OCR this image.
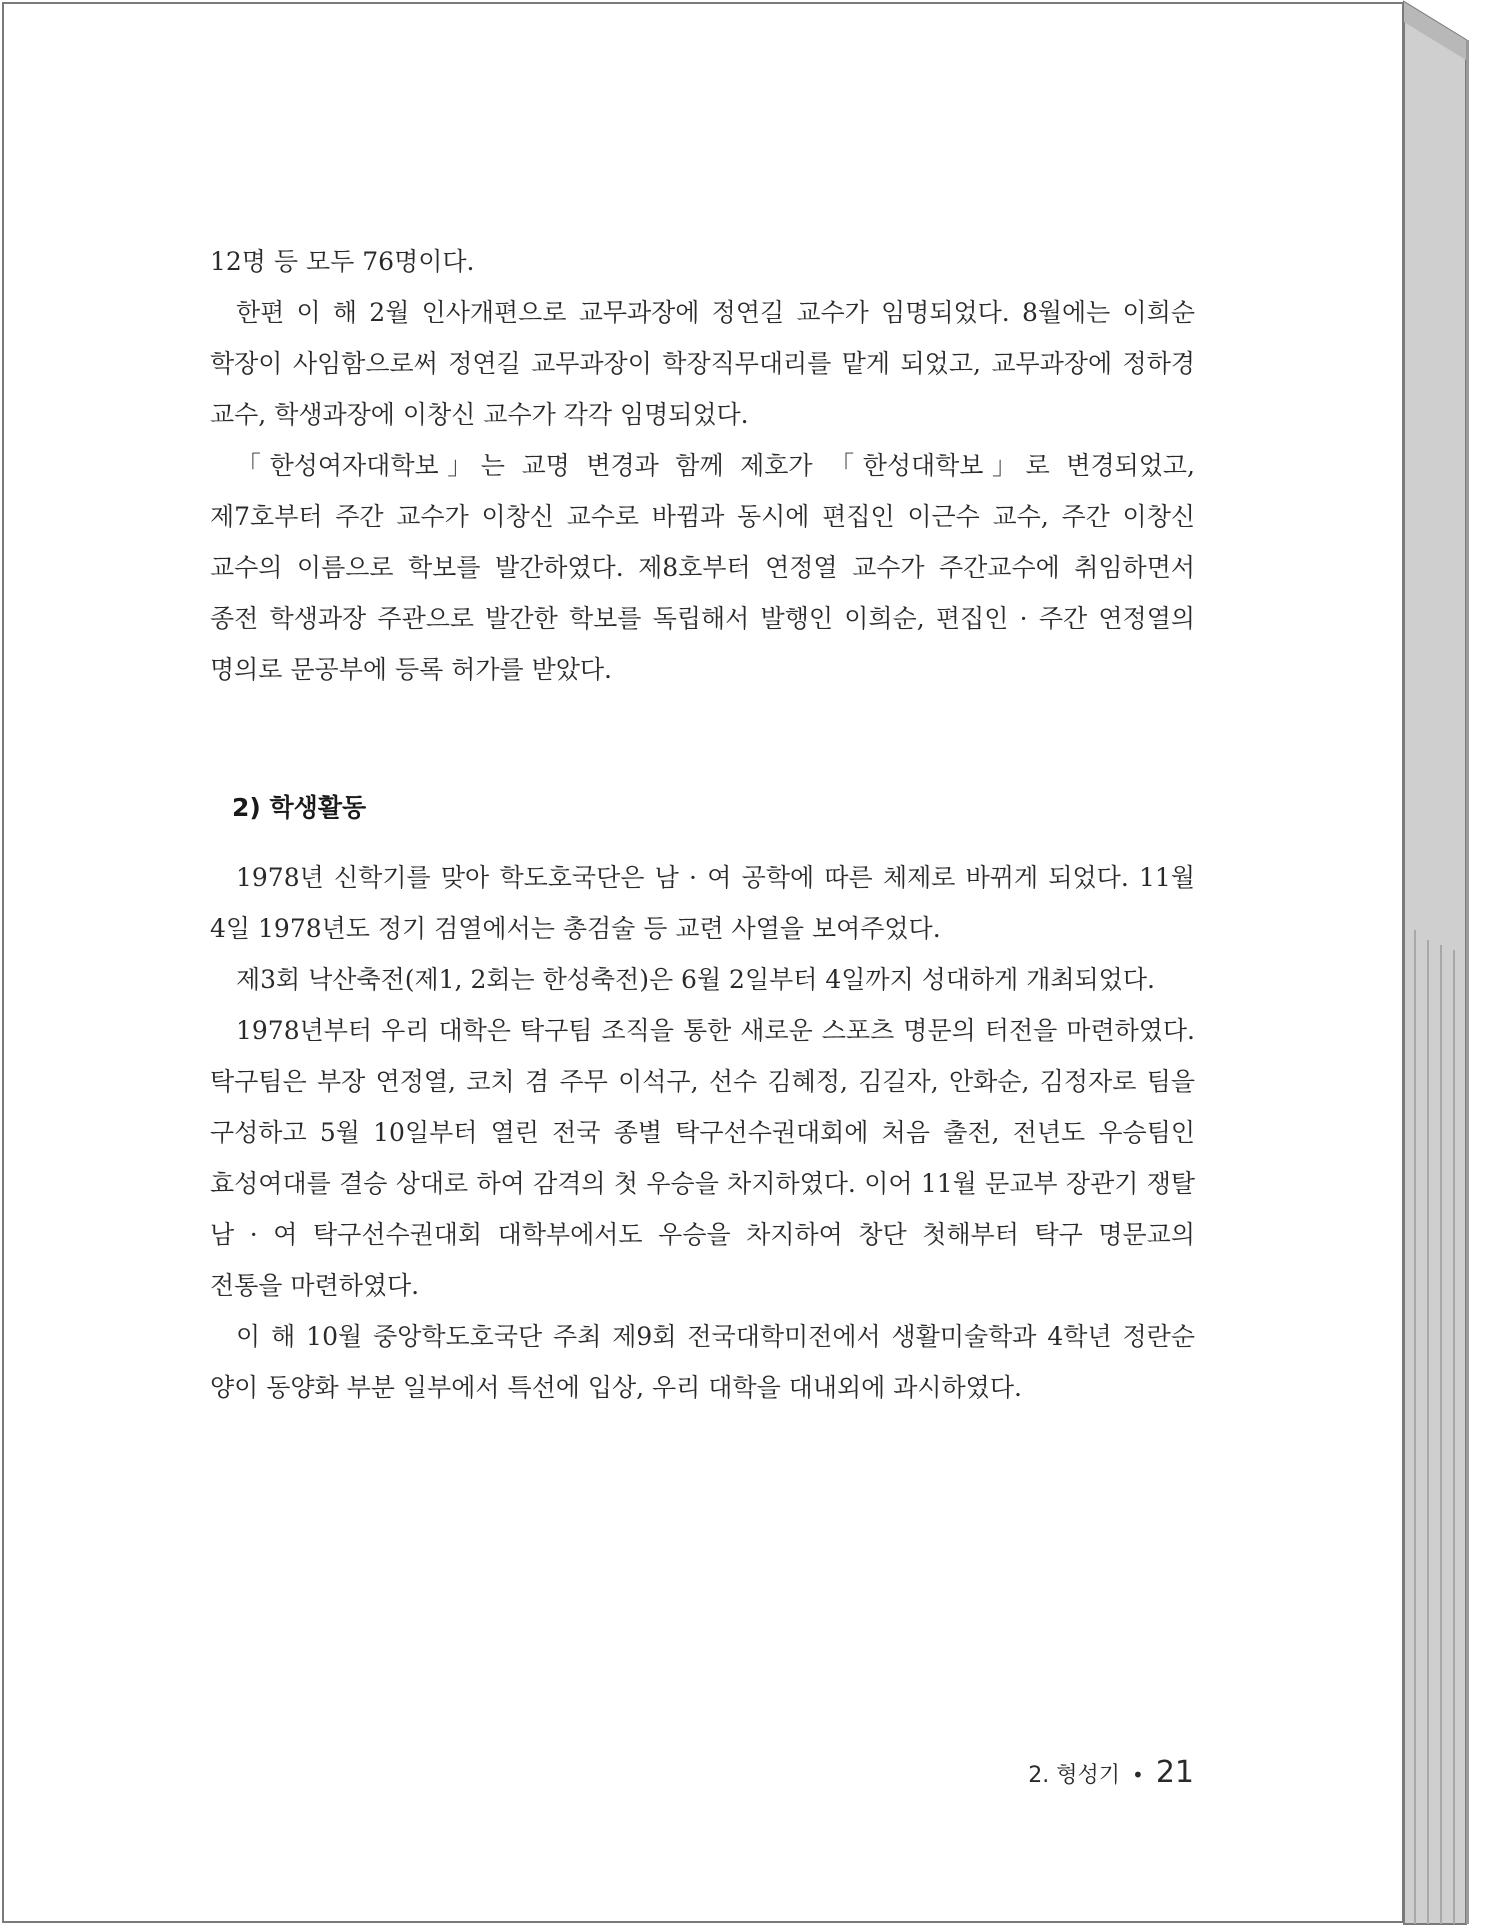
12명 등 모두 76명이다.

한편 이 해 2월 인사개편으로 교무과장에 정연길 교수가 임명되었다. 8월에는 이희순 학장이 사임함으로써 정연길 교무과장이 학장직무대리를 맡게 되었고, 교무과장에 정하경 교수, 학생과장에 이창신 교수가 각각 임명되었다.

「한성여자대학보」는 교명 변경과 함께 제호가 「한성대학보」로 변경되었고, 제7호부터 주간 교수가 이창신 교수로 바뀜과 동시에 편집인 이근수 교수, 주간 이창신 교수의 이름으로 학보를 발간하였다. 제8호부터 연정열 교수가 주간교수에 취임하면서 종전 학생과장 주관으로 발간한 학보를 독립해서 발행인 이희순, 편집인 · 주간 연정열의 명의로 문공부에 등록 허가를 받았다.

2) 학생활동

1978년 신학기를 맞아 학도호국단은 남 · 여 공학에 따른 체제로 바뀌게 되었다. 11월 4일 1978년도 정기 검열에서는 총검술 등 교련 사열을 보여주었다.

제3회 낙산축전(제1, 2회는 한성축전)은 6월 2일부터 4일까지 성대하게 개최되었다.

1978년부터 우리 대학은 탁구팀 조직을 통한 새로운 스포츠 명문의 터전을 마련하였다. 탁구팀은 부장 연정열, 코치 겸 주무 이석구, 선수 김혜정, 김길자, 안화순, 김정자로 팀을 구성하고 5월 10일부터 열린 전국 종별 탁구선수권대회에 처음 출전, 전년도 우승팀인 효성여대를 결승 상대로 하여 감격의 첫 우승을 차지하였다. 이어 11월 문교부 장관기 쟁탈 남 · 여 탁구선수권대회 대학부에서도 우승을 차지하여 창단 첫해부터 탁구 명문교의 전통을 마련하였다.

이 해 10월 중앙학도호국단 주최 제9회 전국대학미전에서 생활미술학과 4학년 정란순 양이 동양화 부분 일부에서 특선에 입상, 우리 대학을 대내외에 과시하였다.

2. 형성기 • 21
